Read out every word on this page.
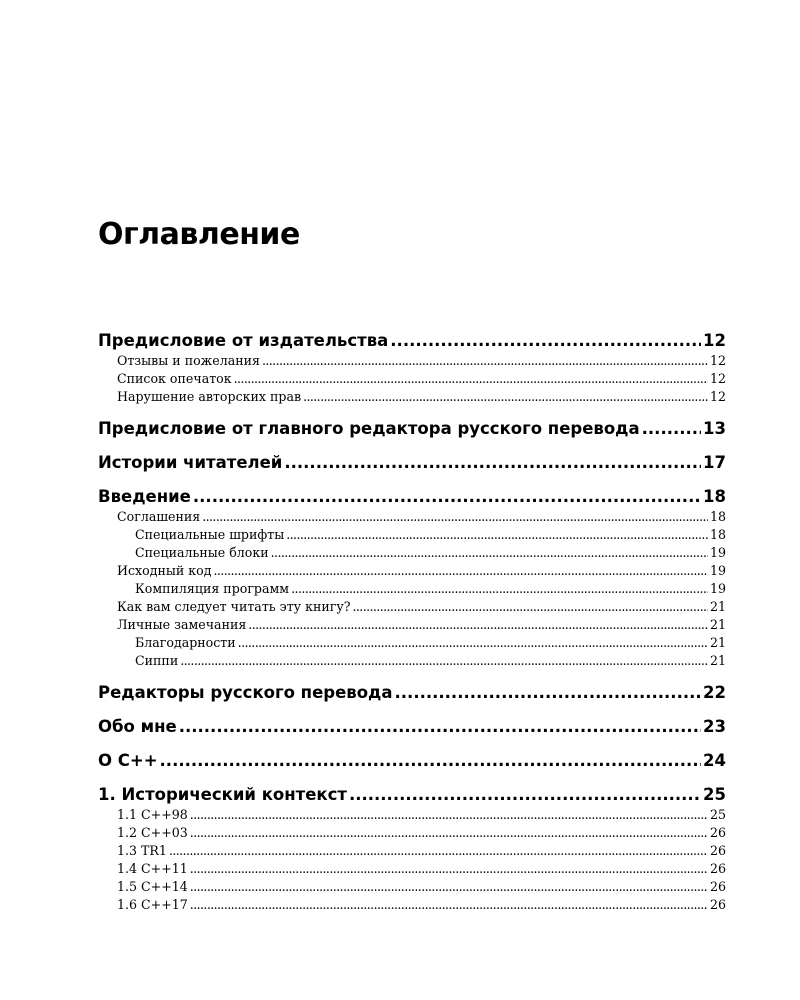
Оглавление
Предисловие от издательства .....	12
Отзывы и пожелания .....	12
Список опечаток .....	12
Нарушение авторских прав .....	12
Предисловие от главного редактора русского перевода .....	13
Истории читателей .....	17
Введение .....	18
Соглашения .....	18
Специальные шрифты .....	18
Специальные блоки .....	19
Исходный код .....	19
Компиляция программ .....	19
Как вам следует читать эту книгу? .....	21
Личные замечания .....	21
Благодарности .....	21
Сиппи .....	21
Редакторы русского перевода .....	22
Обо мне .....	23
О C++ .....	24
1. Исторический контекст .....	25
1.1 C++98 .....	25
1.2 C++03 .....	26
1.3 TR1 .....	26
1.4 C++11 .....	26
1.5 C++14 .....	26
1.6 C++17 .....	26
